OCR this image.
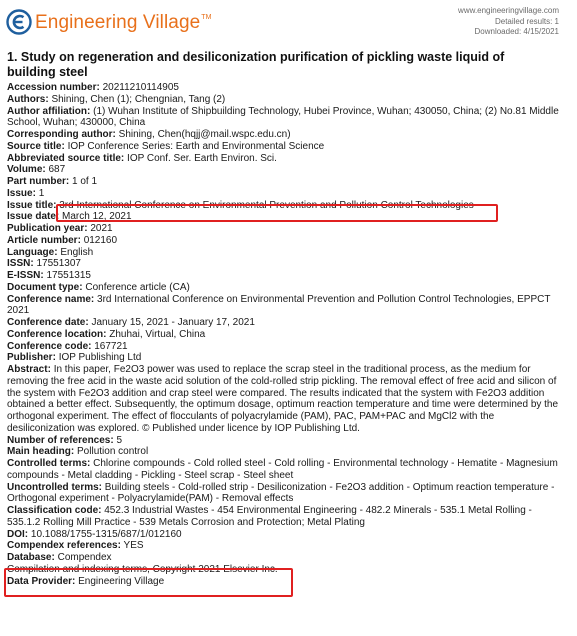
Engineering Village™
www.engineeringvillage.com
Detailed results: 1
Downloaded: 4/15/2021
1. Study on regeneration and desiliconization purification of pickling waste liquid of building steel
Accession number: 20211210114905
Authors: Shining, Chen (1); Chengnian, Tang (2)
Author affiliation: (1) Wuhan Institute of Shipbuilding Technology, Hubei Province, Wuhan; 430050, China; (2) No.81 Middle School, Wuhan; 430000, China
Corresponding author: Shining, Chen(hqjj@mail.wspc.edu.cn)
Source title: IOP Conference Series: Earth and Environmental Science
Abbreviated source title: IOP Conf. Ser. Earth Environ. Sci.
Volume: 687
Part number: 1 of 1
Issue: 1
Issue title: 3rd International Conference on Environmental Prevention and Pollution Control Technologies
Issue date: March 12, 2021
Publication year: 2021
Article number: 012160
Language: English
ISSN: 17551307
E-ISSN: 17551315
Document type: Conference article (CA)
Conference name: 3rd International Conference on Environmental Prevention and Pollution Control Technologies, EPPCT 2021
Conference date: January 15, 2021 - January 17, 2021
Conference location: Zhuhai, Virtual, China
Conference code: 167721
Publisher: IOP Publishing Ltd
Abstract: In this paper, Fe2O3 power was used to replace the scrap steel in the traditional process, as the medium for removing the free acid in the waste acid solution of the cold-rolled strip pickling. The removal effect of free acid and silicon of the system with Fe2O3 addition and crap steel were compared. The results indicated that the system with Fe2O3 addition obtained a better effect. Subsequently, the optimum dosage, optimum reaction temperature and time were determined by the orthogonal experiment. The effect of flocculants of polyacrylamide (PAM), PAC, PAM+PAC and MgCl2 with the desiliconization was explored. © Published under licence by IOP Publishing Ltd.
Number of references: 5
Main heading: Pollution control
Controlled terms: Chlorine compounds - Cold rolled steel - Cold rolling - Environmental technology - Hematite - Magnesium compounds - Metal cladding - Pickling - Steel scrap - Steel sheet
Uncontrolled terms: Building steels - Cold-rolled strip - Desiliconization - Fe2O3 addition - Optimum reaction temperature - Orthogonal experiment - Polyacrylamide(PAM) - Removal effects
Classification code: 452.3 Industrial Wastes - 454 Environmental Engineering - 482.2 Minerals - 535.1 Metal Rolling - 535.1.2 Rolling Mill Practice - 539 Metals Corrosion and Protection; Metal Plating
DOI: 10.1088/1755-1315/687/1/012160
Compendex references: YES
Database: Compendex
Compilation and indexing terms, Copyright 2021 Elsevier Inc.
Data Provider: Engineering Village
